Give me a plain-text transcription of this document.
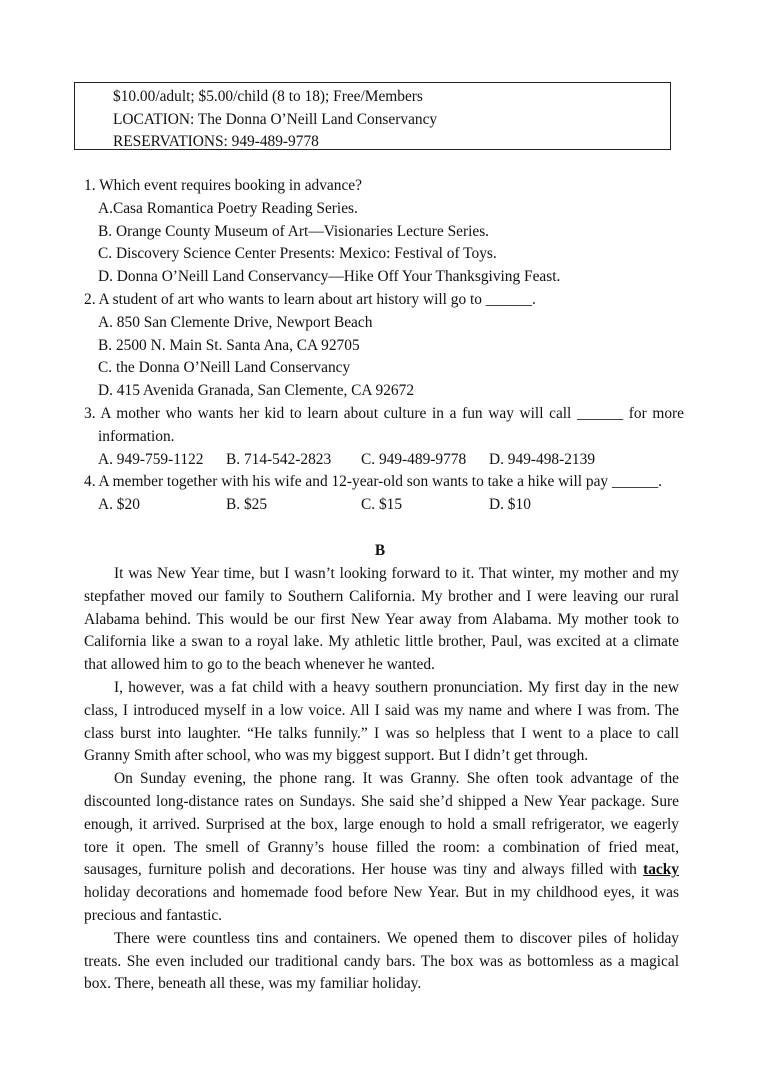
$10.00/adult; $5.00/child (8 to 18); Free/Members
LOCATION: The Donna O’Neill Land Conservancy
RESERVATIONS: 949-489-9778
1. Which event requires booking in advance?
A.Casa Romantica Poetry Reading Series.
B. Orange County Museum of Art—Visionaries Lecture Series.
C. Discovery Science Center Presents: Mexico: Festival of Toys.
D. Donna O’Neill Land Conservancy—Hike Off Your Thanksgiving Feast.
2. A student of art who wants to learn about art history will go to ______.
A. 850 San Clemente Drive, Newport Beach
B. 2500 N. Main St. Santa Ana, CA 92705
C. the Donna O’Neill Land Conservancy
D. 415 Avenida Granada, San Clemente, CA 92672
3. A mother who wants her kid to learn about culture in a fun way will call ______ for more
information.
A. 949-759-1122	B. 714-542-2823	C. 949-489-9778	D. 949-498-2139
4. A member together with his wife and 12-year-old son wants to take a hike will pay ______.
A. $20	B. $25	C. $15	D. $10
B

It was New Year time, but I wasn’t looking forward to it. That winter, my mother and my stepfather moved our family to Southern California. My brother and I were leaving our rural Alabama behind. This would be our first New Year away from Alabama. My mother took to California like a swan to a royal lake. My athletic little brother, Paul, was excited at a climate that allowed him to go to the beach whenever he wanted.

I, however, was a fat child with a heavy southern pronunciation. My first day in the new class, I introduced myself in a low voice. All I said was my name and where I was from. The class burst into laughter. “He talks funnily.” I was so helpless that I went to a place to call Granny Smith after school, who was my biggest support. But I didn’t get through.

On Sunday evening, the phone rang. It was Granny. She often took advantage of the discounted long-distance rates on Sundays. She said she’d shipped a New Year package. Sure enough, it arrived. Surprised at the box, large enough to hold a small refrigerator, we eagerly tore it open. The smell of Granny’s house filled the room: a combination of fried meat, sausages, furniture polish and decorations. Her house was tiny and always filled with tacky holiday decorations and homemade food before New Year. But in my childhood eyes, it was precious and fantastic.

There were countless tins and containers. We opened them to discover piles of holiday treats. She even included our traditional candy bars. The box was as bottomless as a magical box. There, beneath all these, was my familiar holiday.
